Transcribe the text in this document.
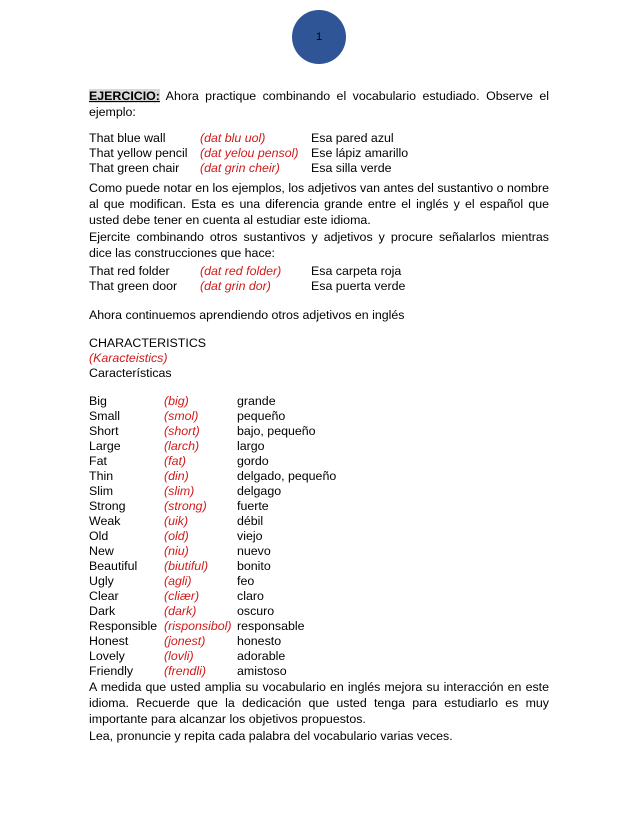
1
EJERCICIO: Ahora practique combinando el vocabulario estudiado. Observe el ejemplo:
That blue wall	(dat blu uol)	Esa pared azul
That yellow pencil (dat yelou pensol) Ese lápiz amarillo
That green chair (dat grin cheir)	Esa silla verde

Como puede notar en los ejemplos, los adjetivos van antes del sustantivo o nombre al que modifican. Esta es una diferencia grande entre el inglés y el español que usted debe tener en cuenta al estudiar este idioma.

Ejercite combinando otros sustantivos y adjetivos y procure señalarlos mientras dice las construcciones que hace:

That red folder (dat red folder) Esa carpeta roja
That green door (dat grin dor)	Esa puerta verde
Ahora continuemos aprendiendo otros adjetivos en inglés
CHARACTERISTICS
(Karacteistics)
Características
Big	(big)	grande
Small	(smol)	pequeño
Short	(short)	bajo, pequeño
Large	(larch)	largo
Fat	(fat)	gordo
Thin	(din)	delgado, pequeño
Slim	(slim)	delgago
Strong	(strong) fuerte
Weak	(uik)	débil
Old	(old)	viejo
New	(niu)	nuevo
Beautiful (biutiful) bonito
Ugly	(agli)	feo
Clear	(cliær)	claro
Dark	(dark)	oscuro
Responsible (risponsibol) responsable
Honest	(jonest)	honesto
Lovely	(lovli)	adorable
Friendly (frendli)	amistoso

A medida que usted amplia su vocabulario en inglés mejora su interacción en este idioma. Recuerde que la dedicación que usted tenga para estudiarlo es muy importante para alcanzar los objetivos propuestos.

Lea, pronuncie y repita cada palabra del vocabulario varias veces.
